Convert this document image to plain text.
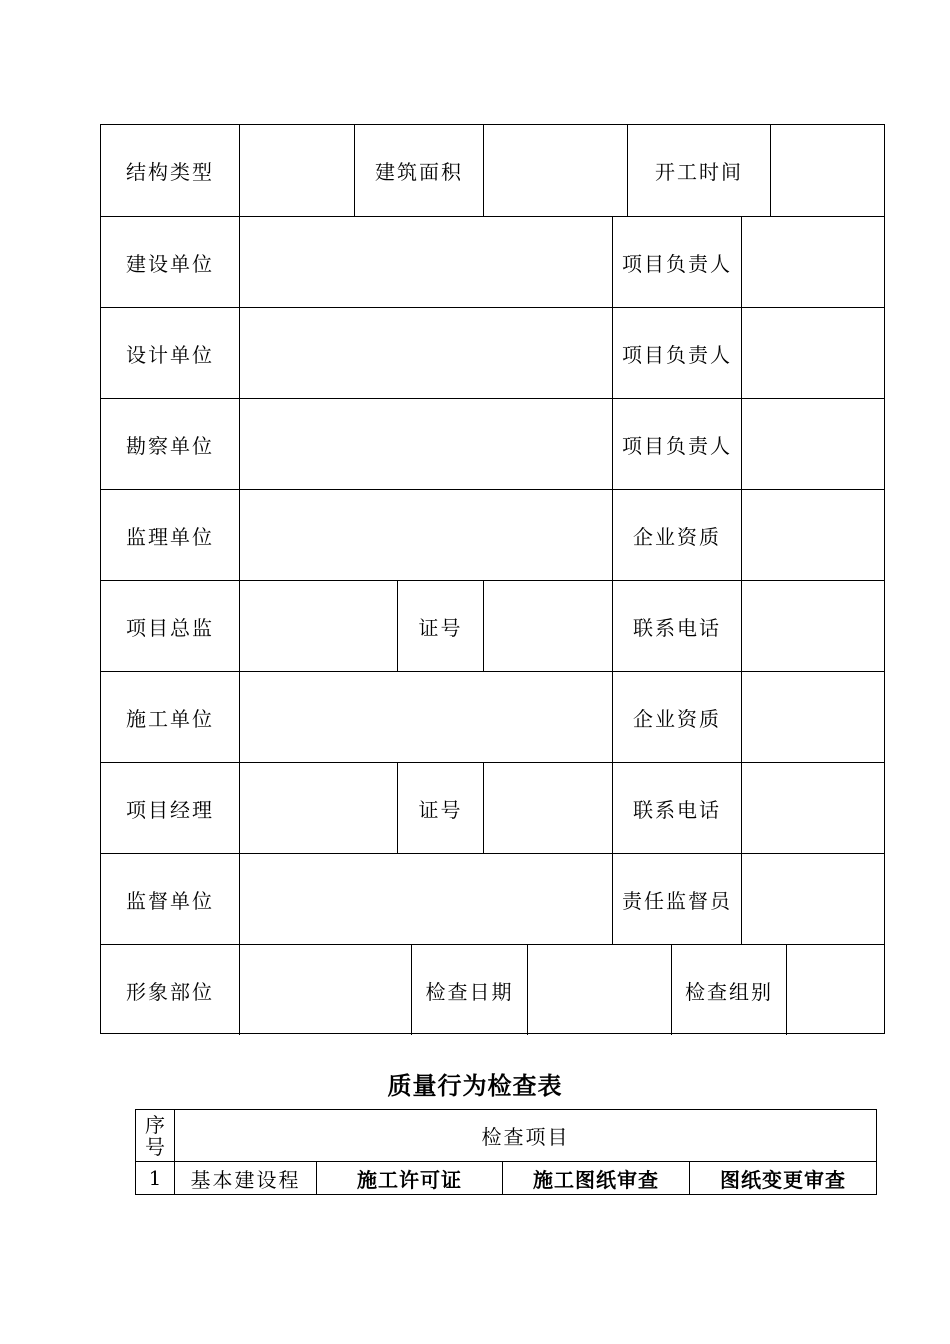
结构类型	建筑面积	开工时间
建设单位	项目负责人
设计单位	项目负责人
勘察单位	项目负责人
监理单位	企业资质
项目总监	证号	联系电话
施工单位	企业资质
项目经理	证号	联系电话
监督单位	责任监督员
形象部位	检查日期	检查组别
质量行为检查表
序
号	检查项目
1	基本建设程	施工许可证	施工图纸审查	图纸变更审查
